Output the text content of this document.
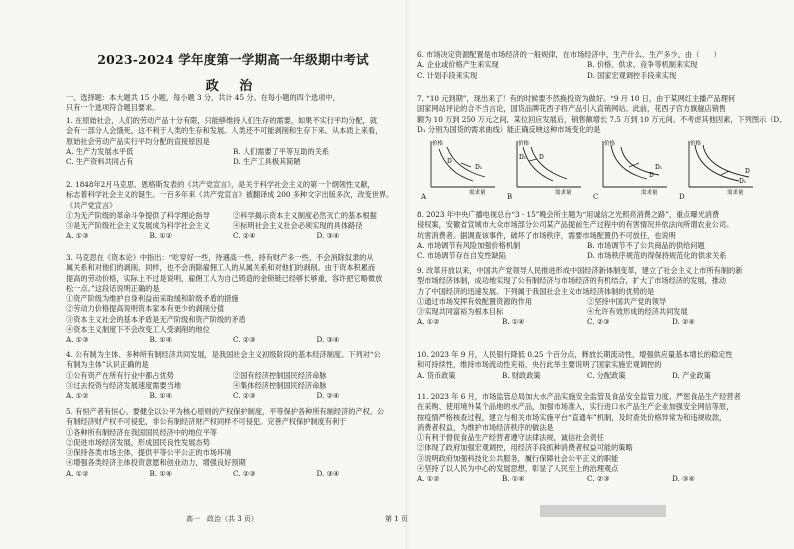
2023-2024 学年度第一学期高一年级期中考试
政 治
一、选择题：本大题共 15 小题，每小题 3 分，共计 45 分。在每小题的四个选项中，
只有一个选项符合题目要求。
1. 在原始社会，人们的劳动产品十分有限，只能够维持人们生存的需要，如果不实行平均分配，就
会有一部分人会饿死，这不利于人类的生存和发展。人类还不可能剥削和生存下来。从本质上来看，
原始社会劳动产品实行平均分配的直接原因是
A. 生产力发展水平低	B. 人们需要了平等互助的关系
C. 生产资料共同占有	D. 生产工具极其简陋
2. 1848年2月马克思、恩格斯发表的《共产党宣言》，是关于科学社会主义的第一个纲领性文献，
标志着科学社会主义的诞生。一百多年来《共产党宣言》被翻译成 200 多种文字出版多次，改变世界。
《共产党宣言》
①为无产阶级的革命斗争提供了科学理论指导	②科学揭示资本主义制度必然灭亡的基本根据
③是无产阶级社会主义发展成为科学社会主义	④标明社会主义社会必须实现的具体路径
A. ①③	B. ①②	C. ②④	D. ③④
3. 马克思在《资本论》中指出：“吃穿好一些，待遇高一些，持有财产多一些，不会消除奴隶的从
属关系和对他们的剥削，同样，也不会消除雇佣工人的从属关系和对他们的剥削。由于资本积累而
提高的劳动价格，实际上不过是说明，雇佣工人为自己铸造的金锁链已经够长够重，容许把它略微放
松一点。”这段话说明正确的是
①资产阶级为维护自身利益而采取缓和阶级矛盾的措施
②劳动力价格提高说明资本家本有更少的剥削分值
③资本主义社会的基本矛盾是无产阶级和资产阶级的矛盾
④资本主义制度下不会改变工人受剥削的地位
A. ①③	B. ①④	C. ②③	D. ③④
4. 公有制为主体、多种所有制经济共同发展，是我国社会主义初级阶段的基本经济制度。下列对“公
有制为主体”认识正确的是
①公有资产在所有行业中都占优势	②国有经济控制国民经济命脉
③过去投资与经济发展速度需要当地	④集体经济控制国民经济命脉
A. ①②	B. ①④	C. ②③	D. ②④
5. 有恒产者有恒心。要健全以公平为核心原则的产权保护制度，平等保护各种所有制经济的产权。公
有制经济财产权不可侵犯，非公有制经济财产权同样不可侵犯。完善产权保护制度有利于
①各种所有制经济在我国国民经济中的地位平等
②促进市场经济发展，形成国民良性发展态势
③保持各类市场主体，提供平等公平公正的市场环境
④增强各类经济主体投资意愿和创业动力，增强良好预期
A. ①②	B. ①④	C. ②③	D. ③④
高一　政治（共 3 页）
6. 市场决定资源配置是市场经济的一般规律，在市场经济中，生产什么、生产多少，由（　　）
A. 企业或价格产生来实现	B. 价格、供求、竞争等机制来实现
C. 计划手段来实现	D. 国家宏观调控手段来实现
7. “10 元到期”，现出来了！有的时候要不然换投资为做好。“9 月 10 日，由于某网红主播产品理何
国家网站评论的合不当言论，国货品牌花西子将产品引入直销网站。此前，花西子官方旗舰店销售
额为 10 万到 250 万元之间，某位回应发展后，销售额增长 7.5 万到 10 万元间。不考虑其他因素，下列图示（D、
D₁ 分别为国货的需求曲线）能正确反映这种市场变化的是
D
D₁
价格
需求量
A
D₁ D
价格
需求量
B
D
D₁
价格
需求量
C
D₁
D
价格
需求量
D
8. 2023 年中央广播电视总台“3 · 15”晚会所主题为“用诚信之光照亮消费之路”，重点曝光消费
侵权案，安徽省宣城市大众市场部分公司某产品提前生产过程中的有害情况并依法向所谓农业公司。
坑害消费者。据调查该事件，破坏了市场秩序，需要市场配置仍不可放任，也说明
A. 市场调节有风险加强价格机制	B. 市场调节不了公共商品的供给问题
C. 市场调节存在自发性缺陷	D. 市场秩序规范的得保持规范化的供求关系
9. 改革开放以来，中国共产党领导人民推进形成中国经济新体制变革，建立了社会主义上市所有制的新
型市场经济体制，成功地实现了公有制经济与市场经济的有机结合，扩大了市场经济的发展，推动
力了中国经济的迅速发展。下列属于我国社会主义市场经济体制的优势的是
①通过市场发挥有效配置资源的作用	②坚持中国共产党的领导
③实现共同富裕为根本目标	④允许有效形成的经济共同发展
A. ①②	B. ①④	C. ②③	D. ②④
10. 2023 年 9 月，人民银行降低 0.25 个百分点，释放长期流动性，增强供应量基本增长的稳定性
和可持续性，维持市场流动性充裕，央行此举主要说明了国家实施宏观调控的
A. 货币政策	B. 财政政策	C. 分配政策	D. 产业政策
11. 2023 年 6 月，市场监管总局加大水产品实施安全监管及食品安全监管力度，严惩食品生产经营者
在采购、使用境外某个品地的水产品，加强市场准入，实行进口水产品生产企业加强安全网信等原，
按疫情严格核查过程，建立与相关市场实施平台“直通车”机制，及时查处价格异常为和违规收款，
消费者权益，为维护市场经济秩序的做法是
①有利于督促食品生产经营者遵守法律法规，诚信社会责任
②体现了政府加强宏观调控，用经济手段抓种消费者权益可能的策略
③说明政府加强科技化公共服务，履行保障社会公平正义的职能
④坚持了以人民为中心的发展思想，彰显了人民至上的治理观点
A. ①②	B. ①④	C. ②③	D. ③④
第 1 页
